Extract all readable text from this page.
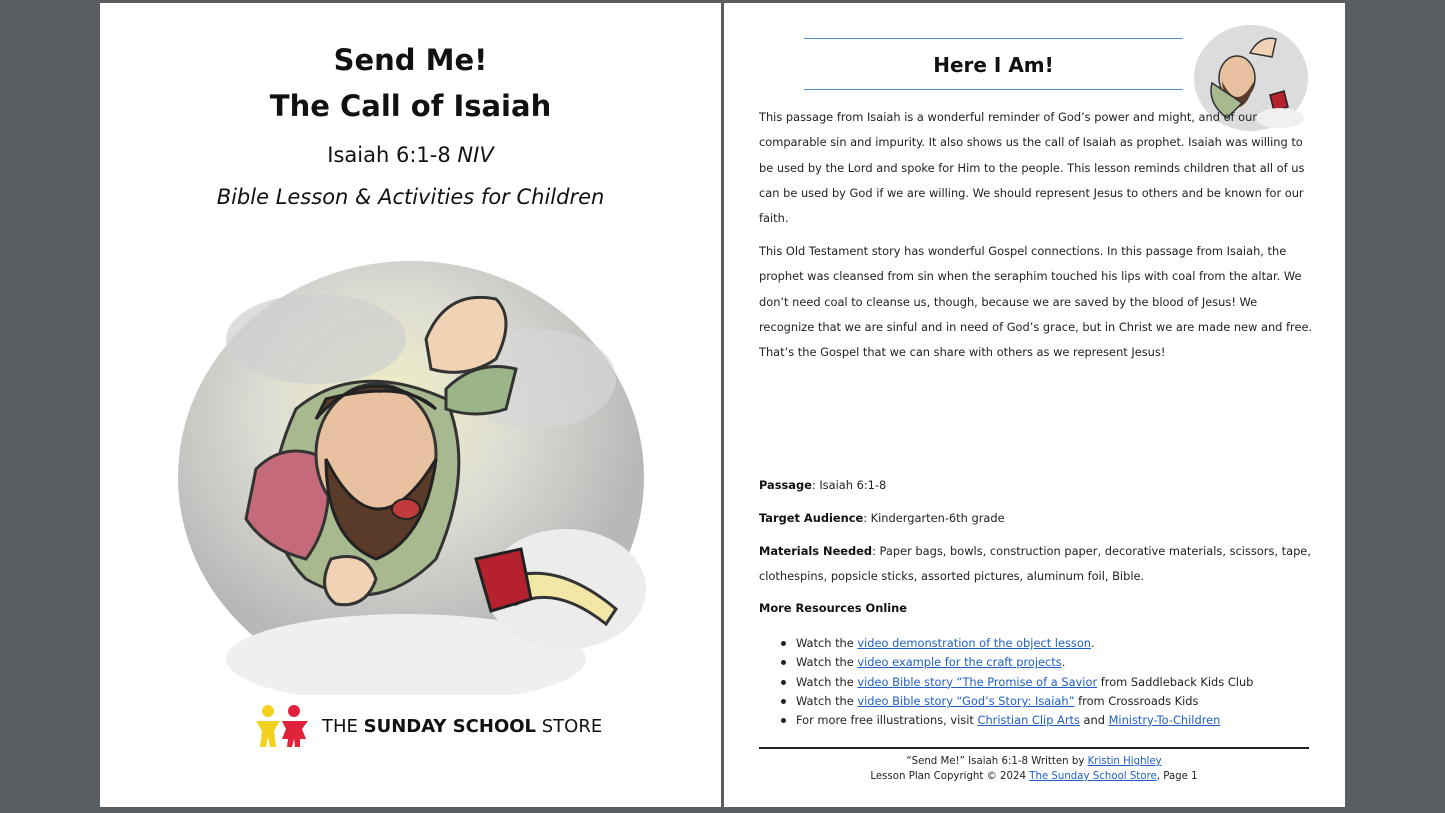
Send Me!
The Call of Isaiah
Isaiah 6:1-8 NIV
Bible Lesson & Activities for Children
THE SUNDAY SCHOOL STORE
Here I Am!
This passage from Isaiah is a wonderful reminder of God’s power and might, and of our comparable sin and impurity. It also shows us the call of Isaiah as prophet. Isaiah was willing to be used by the Lord and spoke for Him to the people. This lesson reminds children that all of us can be used by God if we are willing. We should represent Jesus to others and be known for our faith.
This Old Testament story has wonderful Gospel connections. In this passage from Isaiah, the prophet was cleansed from sin when the seraphim touched his lips with coal from the altar. We don’t need coal to cleanse us, though, because we are saved by the blood of Jesus! We recognize that we are sinful and in need of God’s grace, but in Christ we are made new and free. That’s the Gospel that we can share with others as we represent Jesus!
Passage: Isaiah 6:1-8
Target Audience: Kindergarten-6th grade
Materials Needed: Paper bags, bowls, construction paper, decorative materials, scissors, tape, clothespins, popsicle sticks, assorted pictures, aluminum foil, Bible.
More Resources Online
Watch the video demonstration of the object lesson.
Watch the video example for the craft projects.
Watch the video Bible story “The Promise of a Savior from Saddleback Kids Club
Watch the video Bible story “God’s Story: Isaiah” from Crossroads Kids
For more free illustrations, visit Christian Clip Arts and Ministry-To-Children
“Send Me!” Isaiah 6:1-8 Written by Kristin Highley
Lesson Plan Copyright © 2024 The Sunday School Store, Page 1
